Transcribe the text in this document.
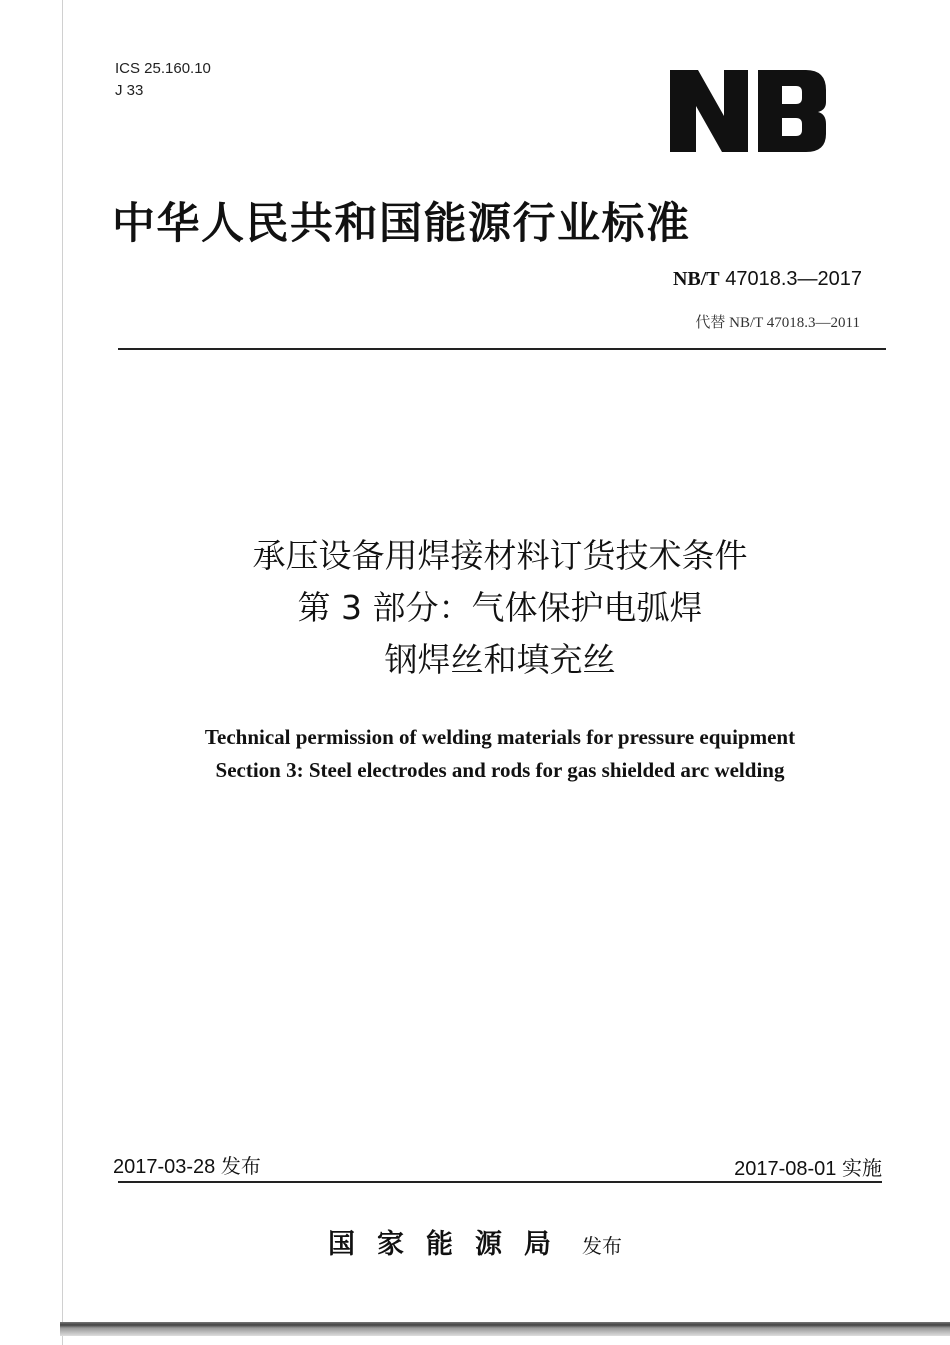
ICS 25.160.10
J 33
中华人民共和国能源行业标准
NB/T 47018.3—2017
代替 NB/T 47018.3—2011
承压设备用焊接材料订货技术条件
第 3 部分：气体保护电弧焊
钢焊丝和填充丝
Technical permission of welding materials for pressure equipment
Section 3: Steel electrodes and rods for gas shielded arc welding
2017-03-28 发布	2017-08-01 实施
国家能源局 发布
